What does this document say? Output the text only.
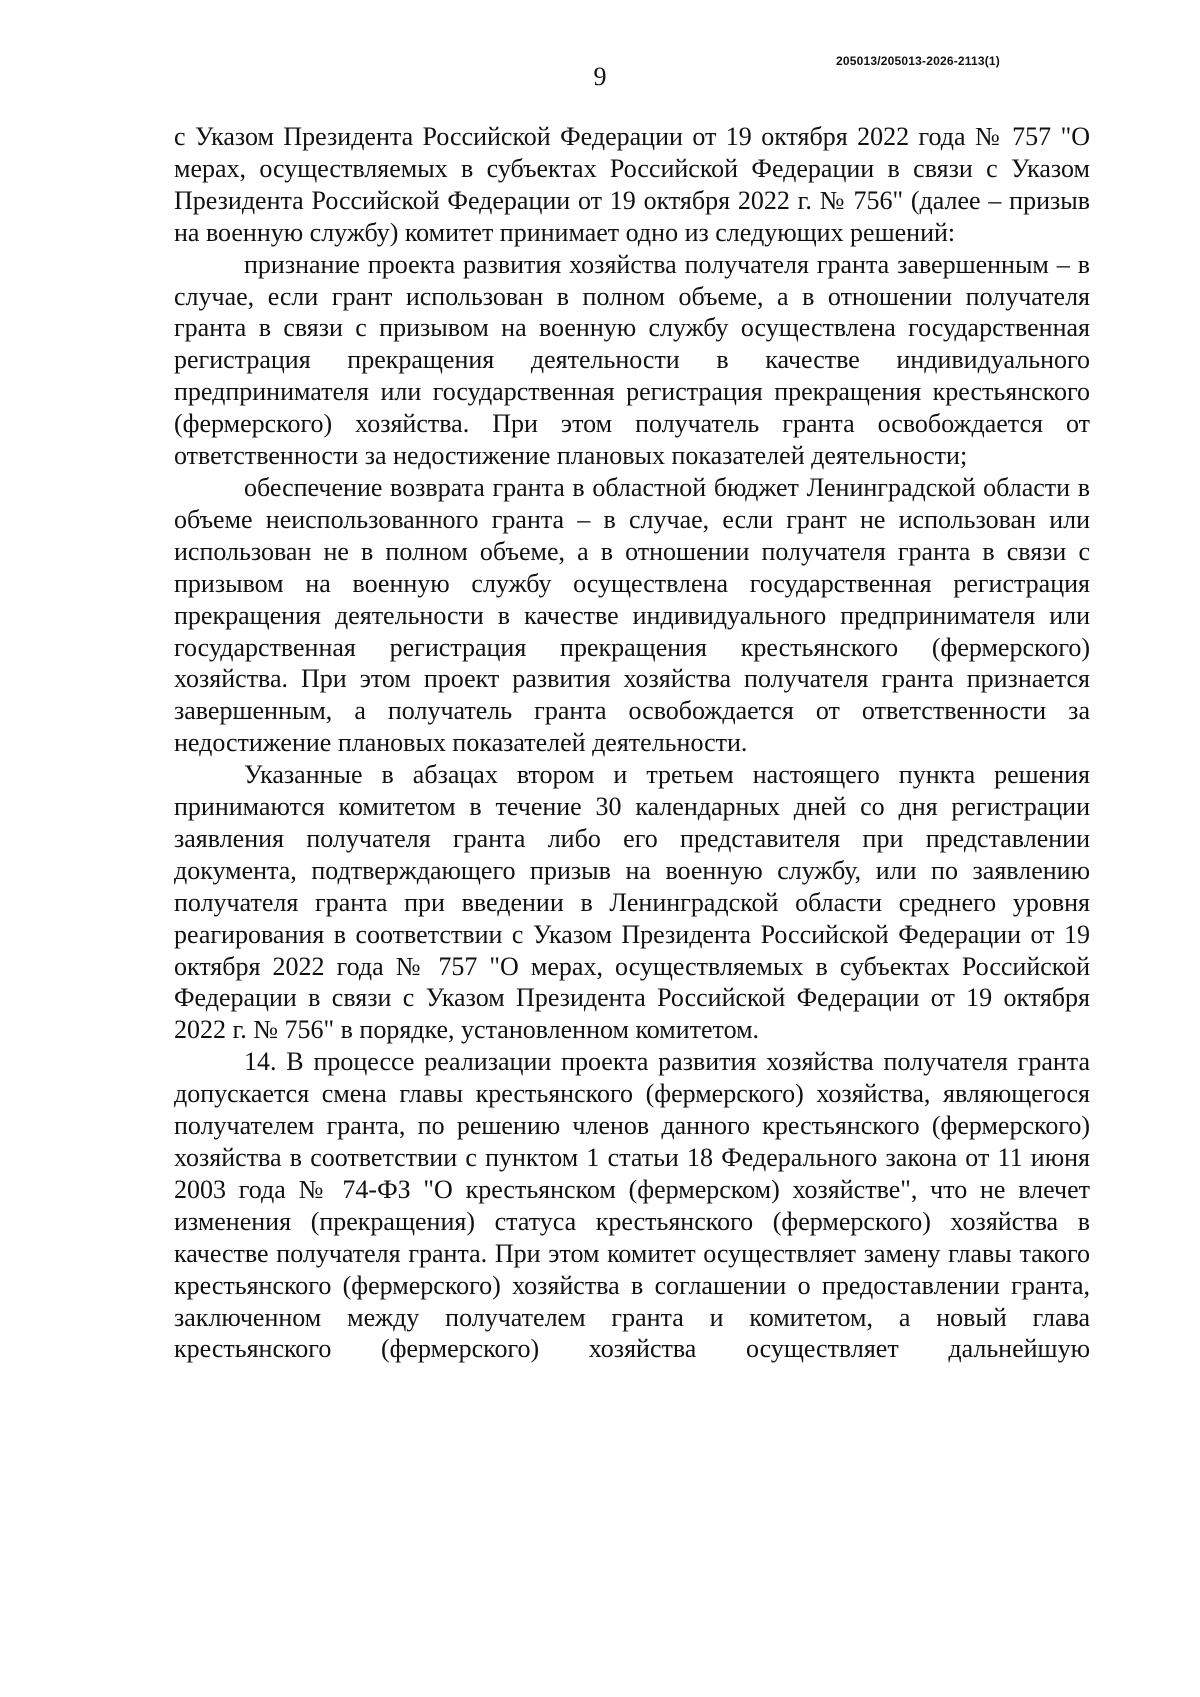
205013/205013-2026-2113(1)
9

с Указом Президента Российской Федерации от 19 октября 2022 года № 757 "О мерах, осуществляемых в субъектах Российской Федерации в связи с Указом Президента Российской Федерации от 19 октября 2022 г. № 756" (далее – призыв на военную службу) комитет принимает одно из следующих решений:

признание проекта развития хозяйства получателя гранта завершенным – в случае, если грант использован в полном объеме, а в отношении получателя гранта в связи с призывом на военную службу осуществлена государственная регистрация прекращения деятельности в качестве индивидуального предпринимателя или государственная регистрация прекращения крестьянского (фермерского) хозяйства. При этом получатель гранта освобождается от ответственности за недостижение плановых показателей деятельности;

обеспечение возврата гранта в областной бюджет Ленинградской области в объеме неиспользованного гранта – в случае, если грант не использован или использован не в полном объеме, а в отношении получателя гранта в связи с призывом на военную службу осуществлена государственная регистрация прекращения деятельности в качестве индивидуального предпринимателя или государственная регистрация прекращения крестьянского (фермерского) хозяйства. При этом проект развития хозяйства получателя гранта признается завершенным, а получатель гранта освобождается от ответственности за недостижение плановых показателей деятельности.

Указанные в абзацах втором и третьем настоящего пункта решения принимаются комитетом в течение 30 календарных дней со дня регистрации заявления получателя гранта либо его представителя при представлении документа, подтверждающего призыв на военную службу, или по заявлению получателя гранта при введении в Ленинградской области среднего уровня реагирования в соответствии с Указом Президента Российской Федерации от 19 октября 2022 года № 757 "О мерах, осуществляемых в субъектах Российской Федерации в связи с Указом Президента Российской Федерации от 19 октября 2022 г. № 756" в порядке, установленном комитетом.

14. В процессе реализации проекта развития хозяйства получателя гранта допускается смена главы крестьянского (фермерского) хозяйства, являющегося получателем гранта, по решению членов данного крестьянского (фермерского) хозяйства в соответствии с пунктом 1 статьи 18 Федерального закона от 11 июня 2003 года № 74-ФЗ "О крестьянском (фермерском) хозяйстве", что не влечет изменения (прекращения) статуса крестьянского (фермерского) хозяйства в качестве получателя гранта. При этом комитет осуществляет замену главы такого крестьянского (фермерского) хозяйства в соглашении о предоставлении гранта, заключенном между получателем гранта и комитетом, а новый глава крестьянского (фермерского) хозяйства осуществляет дальнейшую
